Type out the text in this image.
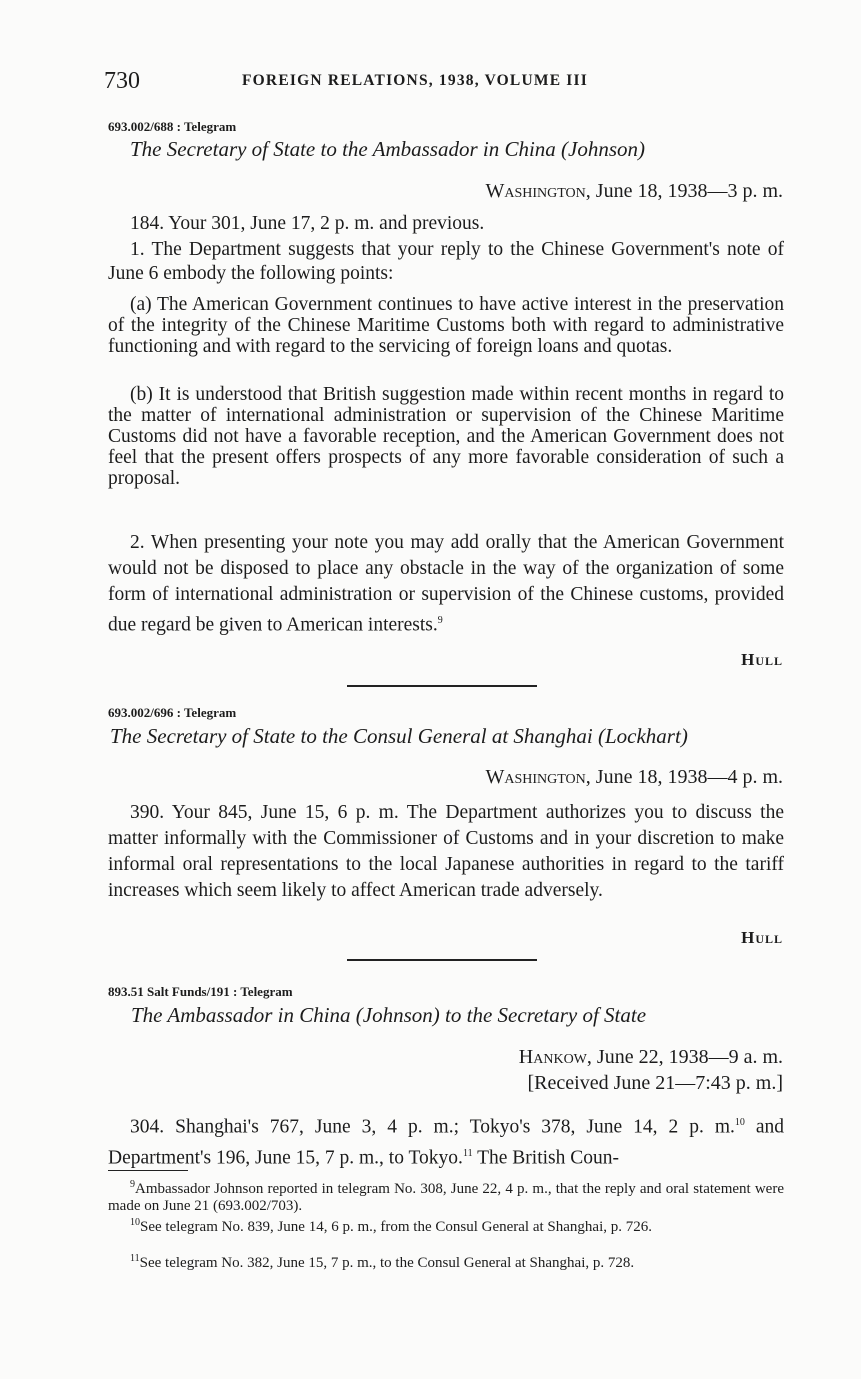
730	FOREIGN RELATIONS, 1938, VOLUME III
693.002/688 : Telegram
The Secretary of State to the Ambassador in China (Johnson)
Washington, June 18, 1938—3 p. m.
184. Your 301, June 17, 2 p. m. and previous.
1. The Department suggests that your reply to the Chinese Government's note of June 6 embody the following points:
(a) The American Government continues to have active interest in the preservation of the integrity of the Chinese Maritime Customs both with regard to administrative functioning and with regard to the servicing of foreign loans and quotas.
(b) It is understood that British suggestion made within recent months in regard to the matter of international administration or supervision of the Chinese Maritime Customs did not have a favorable reception, and the American Government does not feel that the present offers prospects of any more favorable consideration of such a proposal.
2. When presenting your note you may add orally that the American Government would not be disposed to place any obstacle in the way of the organization of some form of international administration or supervision of the Chinese customs, provided due regard be given to American interests.$^9$
Hull
693.002/696 : Telegram
The Secretary of State to the Consul General at Shanghai (Lockhart)
Washington, June 18, 1938—4 p. m.
390. Your 845, June 15, 6 p. m. The Department authorizes you to discuss the matter informally with the Commissioner of Customs and in your discretion to make informal oral representations to the local Japanese authorities in regard to the tariff increases which seem likely to affect American trade adversely.
Hull
893.51 Salt Funds/191 : Telegram
The Ambassador in China (Johnson) to the Secretary of State
Hankow, June 22, 1938—9 a. m.
[Received June 21—7:43 p. m.]
304. Shanghai's 767, June 3, 4 p. m.; Tokyo's 378, June 14, 2 p. m.$^{10}$ and Department's 196, June 15, 7 p. m., to Tokyo.$^{11}$ The British Coun-
$^9$Ambassador Johnson reported in telegram No. 308, June 22, 4 p. m., that the reply and oral statement were made on June 21 (693.002/703).
$^{10}$See telegram No. 839, June 14, 6 p. m., from the Consul General at Shanghai, p. 726.
$^{11}$See telegram No. 382, June 15, 7 p. m., to the Consul General at Shanghai, p. 728.
